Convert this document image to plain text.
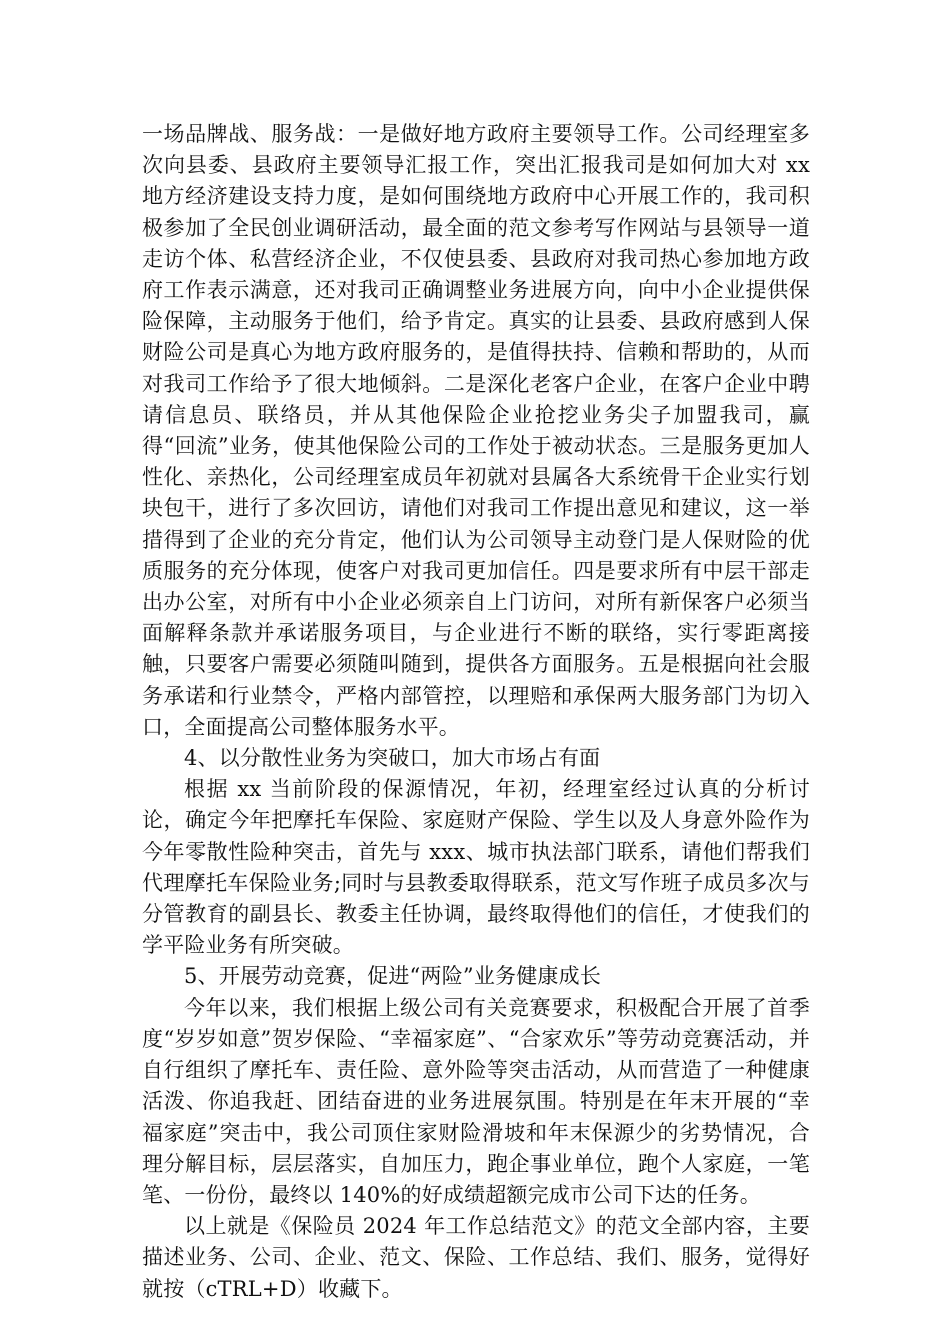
一场品牌战、服务战：一是做好地方政府主要领导工作。公司经理室多次向县委、县政府主要领导汇报工作，突出汇报我司是如何加大对 xx 地方经济建设支持力度，是如何围绕地方政府中心开展工作的，我司积极参加了全民创业调研活动，最全面的范文参考写作网站与县领导一道走访个体、私营经济企业，不仅使县委、县政府对我司热心参加地方政府工作表示满意，还对我司正确调整业务进展方向，向中小企业提供保险保障，主动服务于他们，给予肯定。真实的让县委、县政府感到人保财险公司是真心为地方政府服务的，是值得扶持、信赖和帮助的，从而对我司工作给予了很大地倾斜。二是深化老客户企业，在客户企业中聘请信息员、联络员，并从其他保险企业抢挖业务尖子加盟我司，赢得“回流”业务，使其他保险公司的工作处于被动状态。三是服务更加人性化、亲热化，公司经理室成员年初就对县属各大系统骨干企业实行划块包干，进行了多次回访，请他们对我司工作提出意见和建议，这一举措得到了企业的充分肯定，他们认为公司领导主动登门是人保财险的优质服务的充分体现，使客户对我司更加信任。四是要求所有中层干部走出办公室，对所有中小企业必须亲自上门访问，对所有新保客户必须当面解释条款并承诺服务项目，与企业进行不断的联络，实行零距离接触，只要客户需要必须随叫随到，提供各方面服务。五是根据向社会服务承诺和行业禁令，严格内部管控，以理赔和承保两大服务部门为切入口，全面提高公司整体服务水平。

4、以分散性业务为突破口，加大市场占有面

根据 xx 当前阶段的保源情况，年初，经理室经过认真的分析讨论，确定今年把摩托车保险、家庭财产保险、学生以及人身意外险作为今年零散性险种突击，首先与 xxx、城市执法部门联系，请他们帮我们代理摩托车保险业务;同时与县教委取得联系，范文写作班子成员多次与分管教育的副县长、教委主任协调，最终取得他们的信任，才使我们的学平险业务有所突破。

5、开展劳动竞赛，促进“两险”业务健康成长

今年以来，我们根据上级公司有关竞赛要求，积极配合开展了首季度“岁岁如意”贺岁保险、“幸福家庭”、“合家欢乐”等劳动竞赛活动，并自行组织了摩托车、责任险、意外险等突击活动，从而营造了一种健康活泼、你追我赶、团结奋进的业务进展氛围。特别是在年末开展的“幸福家庭”突击中，我公司顶住家财险滑坡和年末保源少的劣势情况，合理分解目标，层层落实，自加压力，跑企事业单位，跑个人家庭，一笔笔、一份份，最终以 140%的好成绩超额完成市公司下达的任务。

以上就是《保险员 2024 年工作总结范文》的范文全部内容，主要描述业务、公司、企业、范文、保险、工作总结、我们、服务，觉得好就按（cTRL+D）收藏下。
